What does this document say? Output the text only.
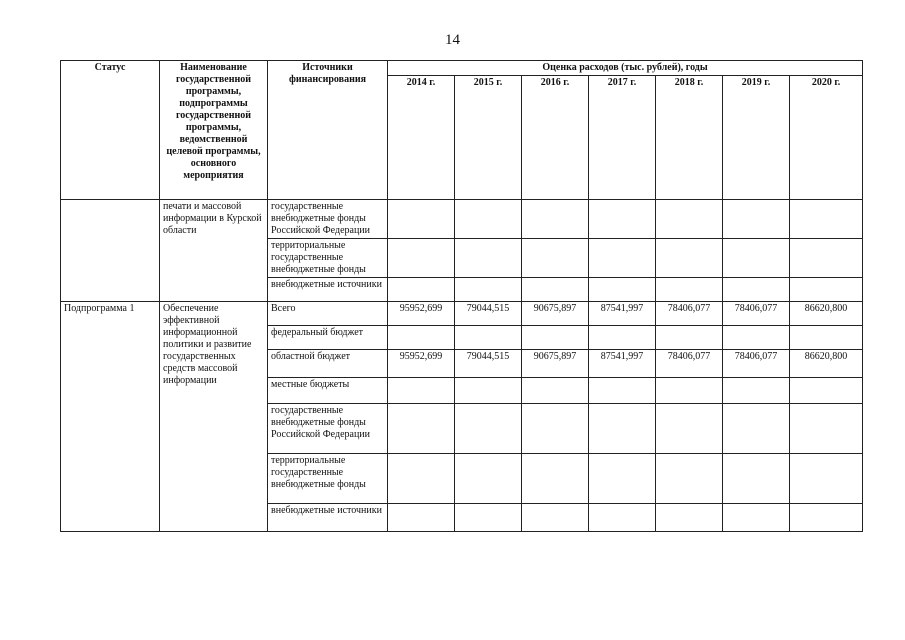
14
Статус	Наименование государственной программы, подпрограммы государственной программы, ведомственной целевой программы, основного мероприятия	Источники финансирования	Оценка расходов (тыс. рублей), годы						
			2014 г.	2015 г.	2016 г.	2017 г.	2018 г.	2019 г.	2020 г.
	печати и массовой информации в Курской области	государственные внебюджетные фонды Российской Федерации							
		территориальные государственные внебюджетные фонды							
		внебюджетные источники							
Подпрограмма 1	Обеспечение эффективной информационной политики и развитие государственных средств массовой информации	Всего	95952,699	79044,515	90675,897	87541,997	78406,077	78406,077	86620,800
		федеральный бюджет							
		областной бюджет	95952,699	79044,515	90675,897	87541,997	78406,077	78406,077	86620,800
		местные бюджеты							
		государственные внебюджетные фонды Российской Федерации							
		территориальные государственные внебюджетные фонды							
		внебюджетные источники							
